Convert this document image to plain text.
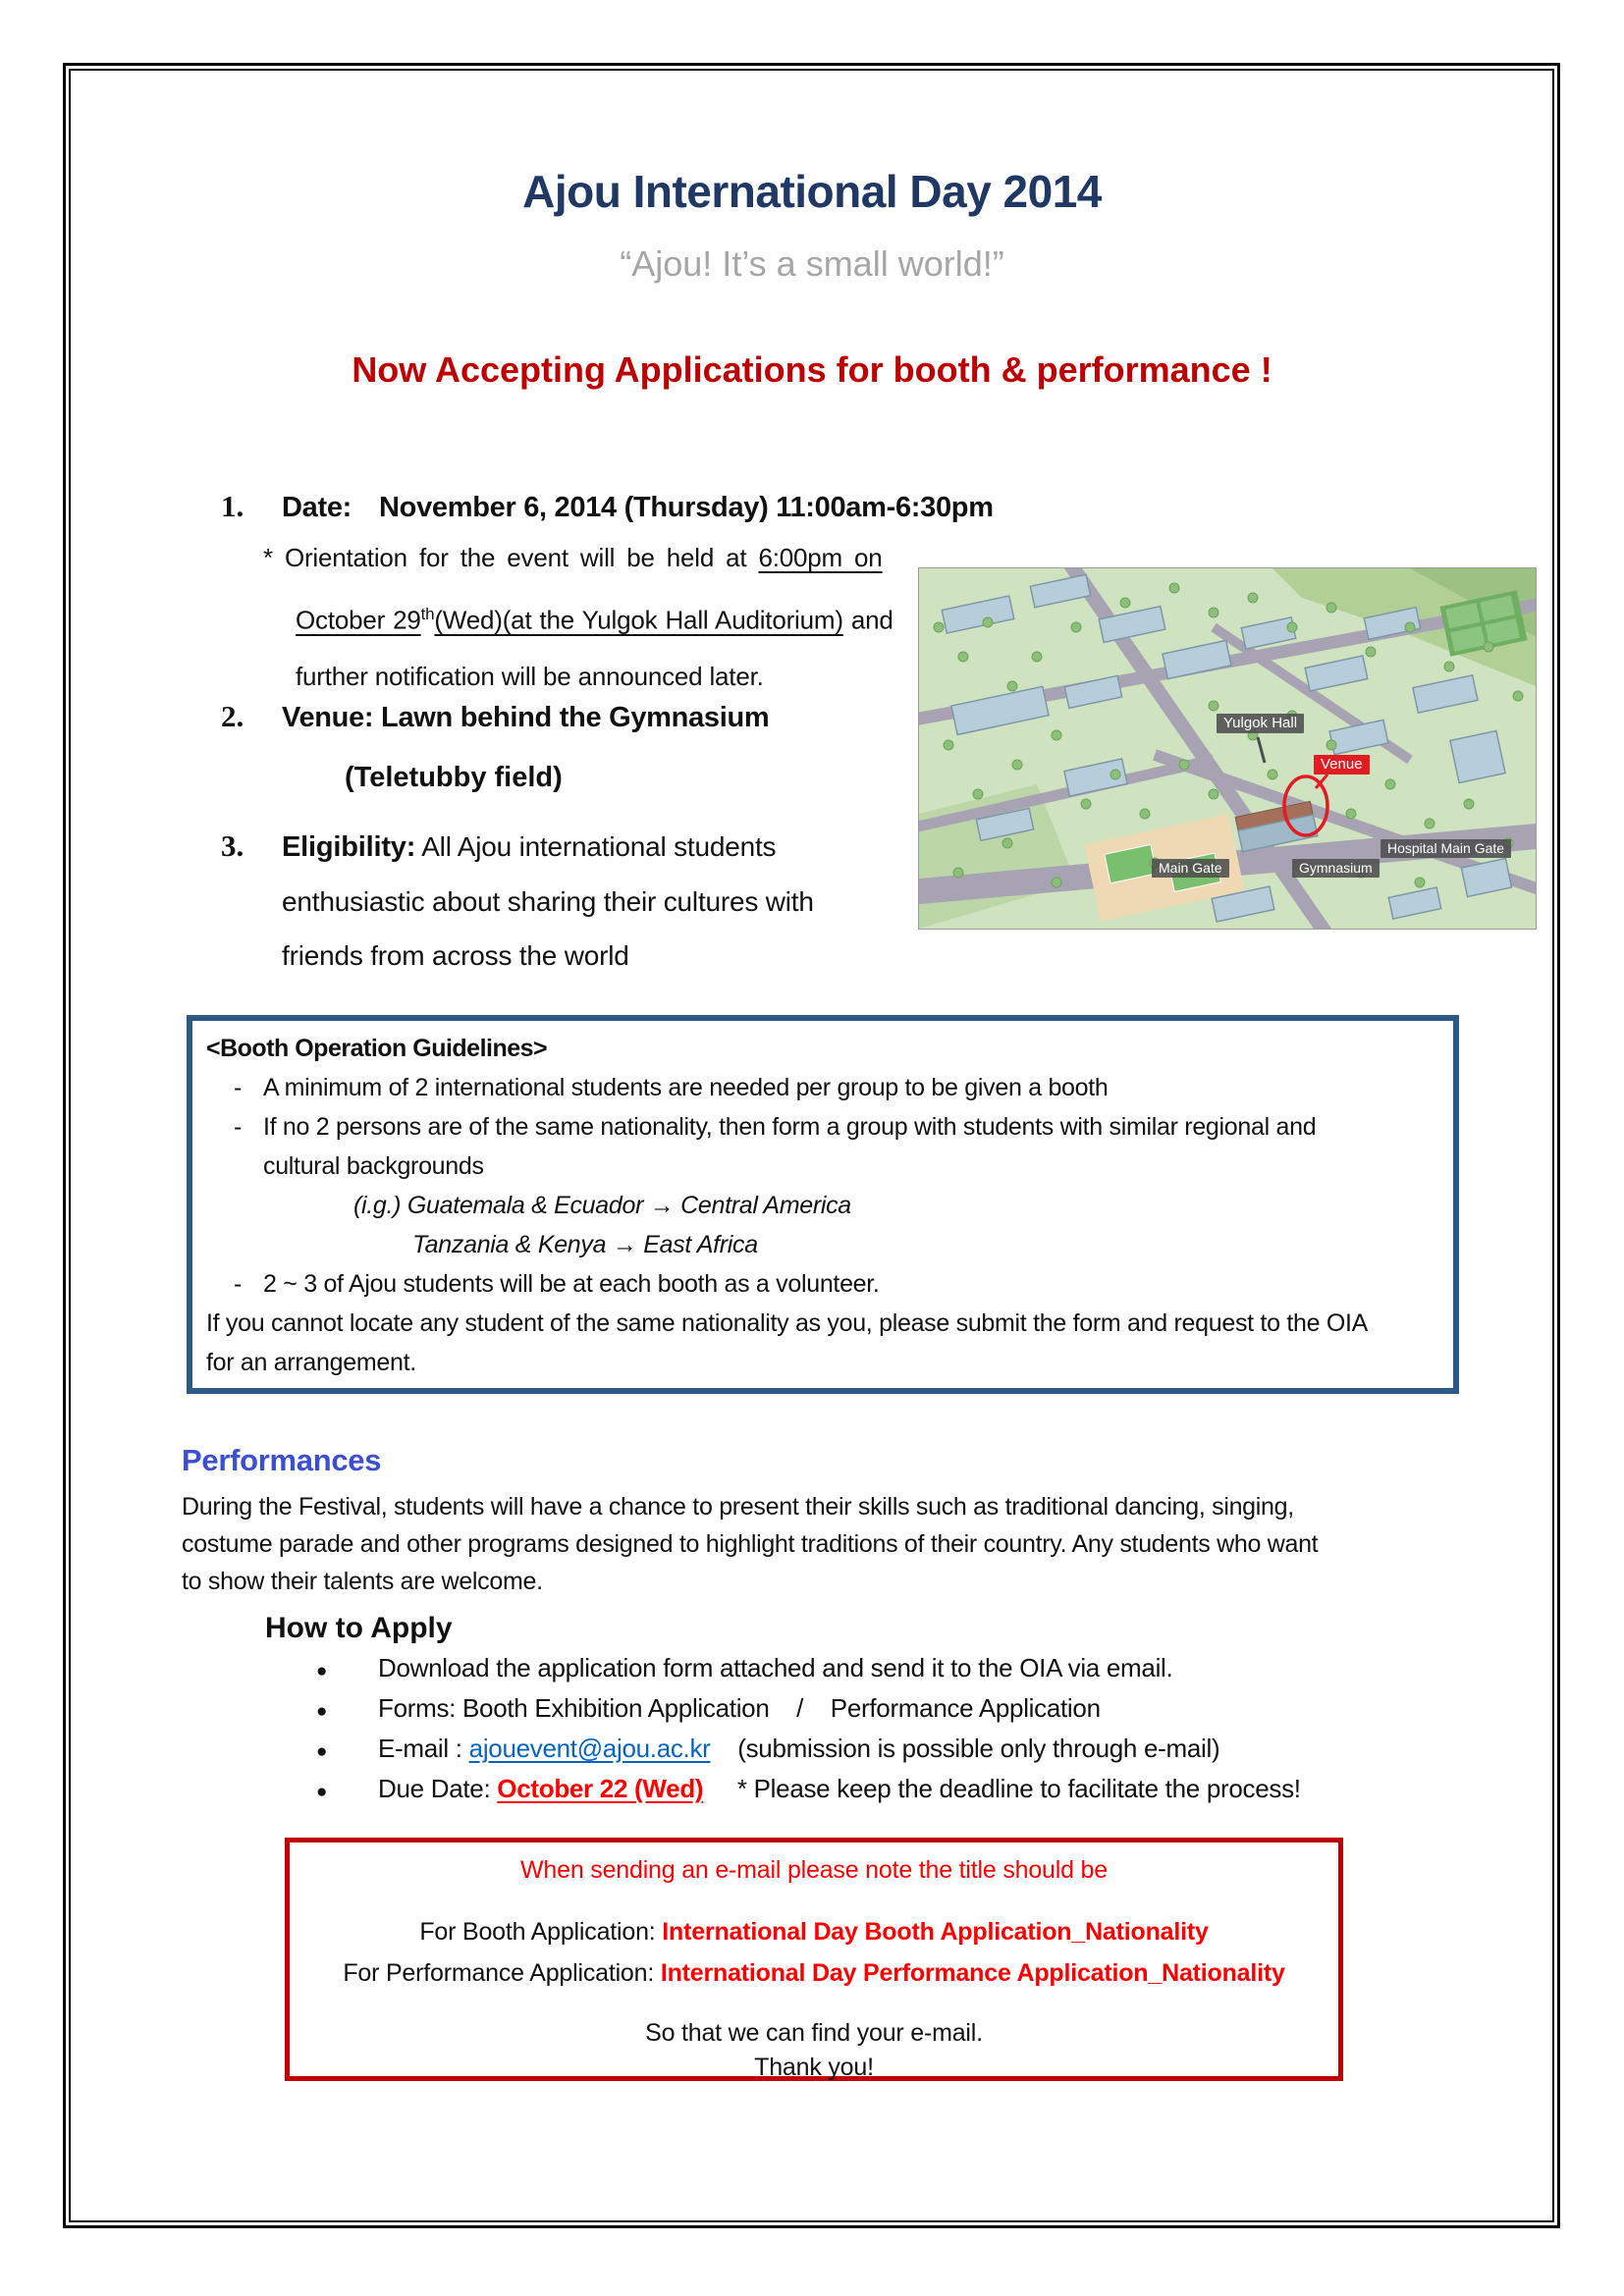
Ajou International Day 2014
“Ajou! It’s a small world!”
Now Accepting Applications for booth & performance !
1.	Date: November 6, 2014 (Thursday) 11:00am-6:30pm
* Orientation for the event will be held at 6:00pm on
October 29th(Wed)(at the Yulgok Hall Auditorium) and
further notification will be announced later.
2.	Venue: Lawn behind the Gymnasium
(Teletubby field)
3.	Eligibility: All Ajou international students
enthusiastic about sharing their cultures with
friends from across the world
Yulgok Hall
Venue
Main Gate	Gymnasium
Hospital Main Gate
<Booth Operation Guidelines>
- A minimum of 2 international students are needed per group to be given a booth
- If no 2 persons are of the same nationality, then form a group with students with similar regional and
cultural backgrounds
(i.g.) Guatemala & Ecuador → Central America
Tanzania & Kenya → East Africa
- 2 ~ 3 of Ajou students will be at each booth as a volunteer.
If you cannot locate any student of the same nationality as you, please submit the form and request to the OIA
for an arrangement.
Performances
During the Festival, students will have a chance to present their skills such as traditional dancing, singing,
costume parade and other programs designed to highlight traditions of their country. Any students who want
to show their talents are welcome.
How to Apply
●	Download the application form attached and send it to the OIA via email.
●	Forms: Booth Exhibition Application    /    Performance Application
●	E-mail : ajouevent@ajou.ac.kr    (submission is possible only through e-mail)
●	Due Date: October 22 (Wed)     * Please keep the deadline to facilitate the process!
When sending an e-mail please note the title should be
For Booth Application: International Day Booth Application_Nationality
For Performance Application: International Day Performance Application_Nationality
So that we can find your e-mail.
Thank you!
